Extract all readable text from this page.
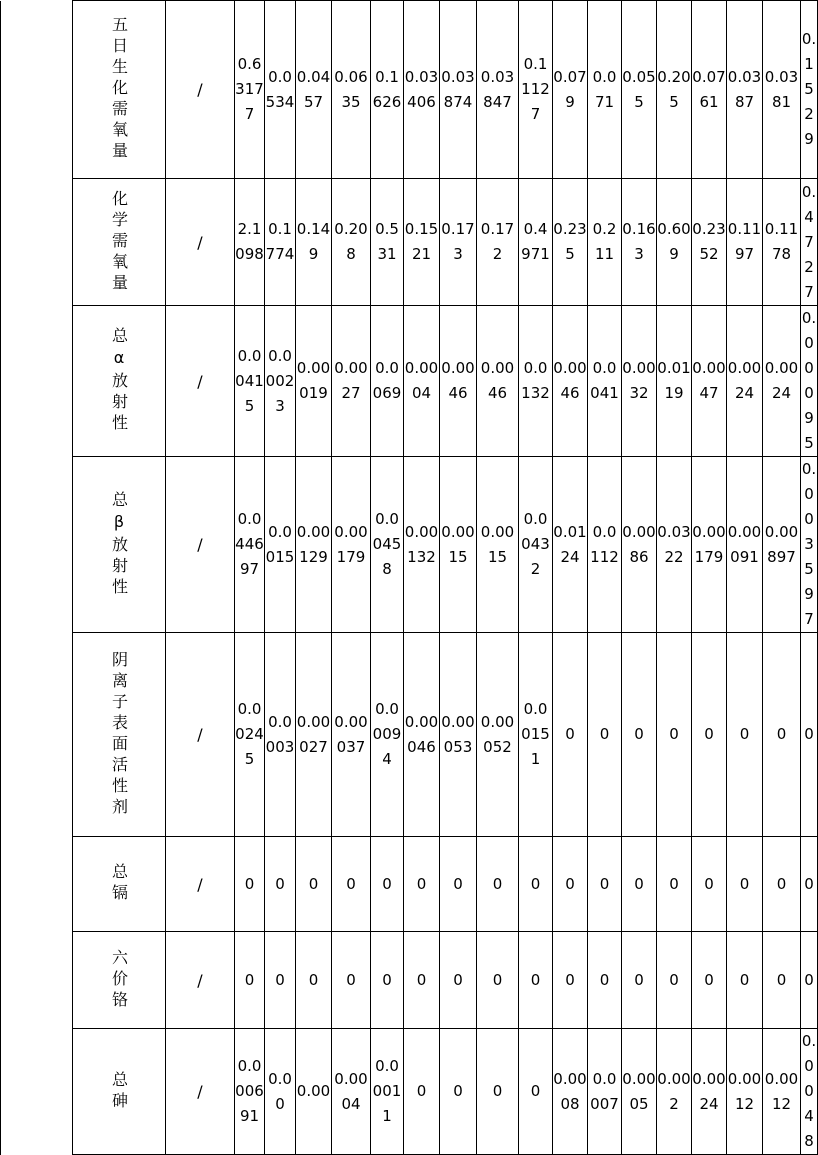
	五日生化需氧量	/	0.63177	0.0534	0.0457	0.0635	0.1626	0.03406	0.03874	0.03847	0.11127	0.079	0.071	0.055	0.205	0.0761	0.0387	0.0381	0.1529	
	化学需氧量	/	2.1098	0.1774	0.149	0.208	0.531	0.1521	0.173	0.172	0.4971	0.235	0.211	0.163	0.609	0.2352	0.1197	0.1178	0.4727	
	总α放射性	/	0.00415	0.00023	0.00019	0.0027	0.0069	0.0004	0.0046	0.0046	0.0132	0.0046	0.0041	0.0032	0.0119	0.0047	0.0024	0.0024	0.00095	
	总β放射性	/	0.044697	0.0015	0.00129	0.00179	0.00458	0.00132	0.0015	0.0015	0.00432	0.0124	0.0112	0.0086	0.0322	0.00179	0.00091	0.00897	0.003597	
	阴离子表面活性剂	/	0.00245	0.0003	0.00027	0.00037	0.00094	0.00046	0.00053	0.00052	0.00151	0	0	0	0	0	0	0	0	
	总镉	/	0	0	0	0	0	0	0	0	0	0	0	0	0	0	0	0	0	
	六价铬	/	0	0	0	0	0	0	0	0	0	0	0	0	0	0	0	0	0	
	总砷	/	0.000691	0.00	0.00	0.0004	0.00011	0	0	0	0	0.0008	0.0007	0.0005	0.002	0.0024	0.0012	0.0012	0.0048	
